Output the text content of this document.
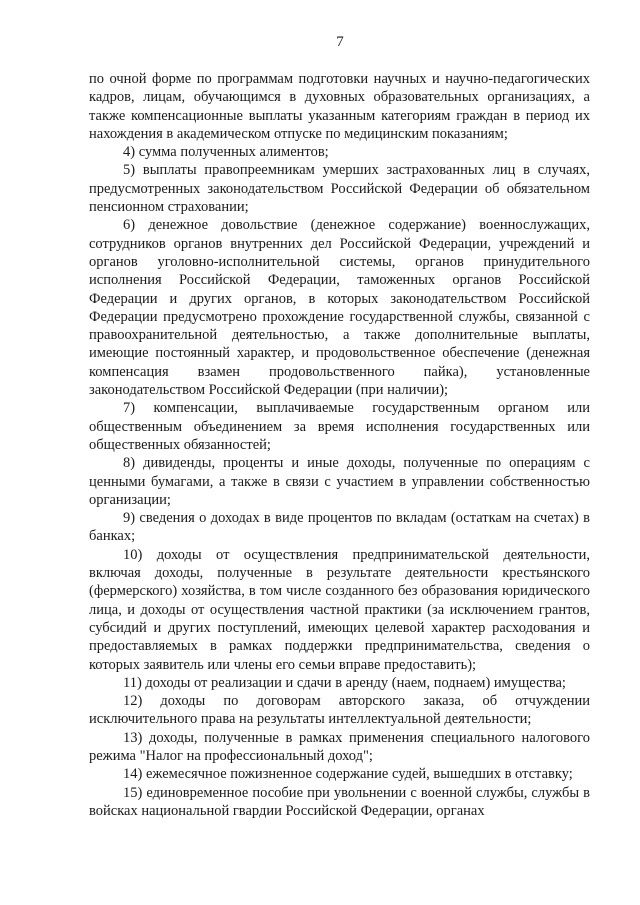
7

по очной форме по программам подготовки научных и научно-педагогических кадров, лицам, обучающимся в духовных образовательных организациях, а также компенсационные выплаты указанным категориям граждан в период их нахождения в академическом отпуске по медицинским показаниям;

4) сумма полученных алиментов;

5) выплаты правопреемникам умерших застрахованных лиц в случаях, предусмотренных законодательством Российской Федерации об обязательном пенсионном страховании;

6) денежное довольствие (денежное содержание) военнослужащих, сотрудников органов внутренних дел Российской Федерации, учреждений и органов уголовно-исполнительной системы, органов принудительного исполнения Российской Федерации, таможенных органов Российской Федерации и других органов, в которых законодательством Российской Федерации предусмотрено прохождение государственной службы, связанной с правоохранительной деятельностью, а также дополнительные выплаты, имеющие постоянный характер, и продовольственное обеспечение (денежная компенсация взамен продовольственного пайка), установленные законодательством Российской Федерации (при наличии);

7) компенсации, выплачиваемые государственным органом или общественным объединением за время исполнения государственных или общественных обязанностей;

8) дивиденды, проценты и иные доходы, полученные по операциям с ценными бумагами, а также в связи с участием в управлении собственностью организации;

9) сведения о доходах в виде процентов по вкладам (остаткам на счетах) в банках;

10) доходы от осуществления предпринимательской деятельности, включая доходы, полученные в результате деятельности крестьянского (фермерского) хозяйства, в том числе созданного без образования юридического лица, и доходы от осуществления частной практики (за исключением грантов, субсидий и других поступлений, имеющих целевой характер расходования и предоставляемых в рамках поддержки предпринимательства, сведения о которых заявитель или члены его семьи вправе предоставить);

11) доходы от реализации и сдачи в аренду (наем, поднаем) имущества;

12) доходы по договорам авторского заказа, об отчуждении исключительного права на результаты интеллектуальной деятельности;

13) доходы, полученные в рамках применения специального налогового режима "Налог на профессиональный доход";

14) ежемесячное пожизненное содержание судей, вышедших в отставку;

15) единовременное пособие при увольнении с военной службы, службы в войсках национальной гвардии Российской Федерации, органах
